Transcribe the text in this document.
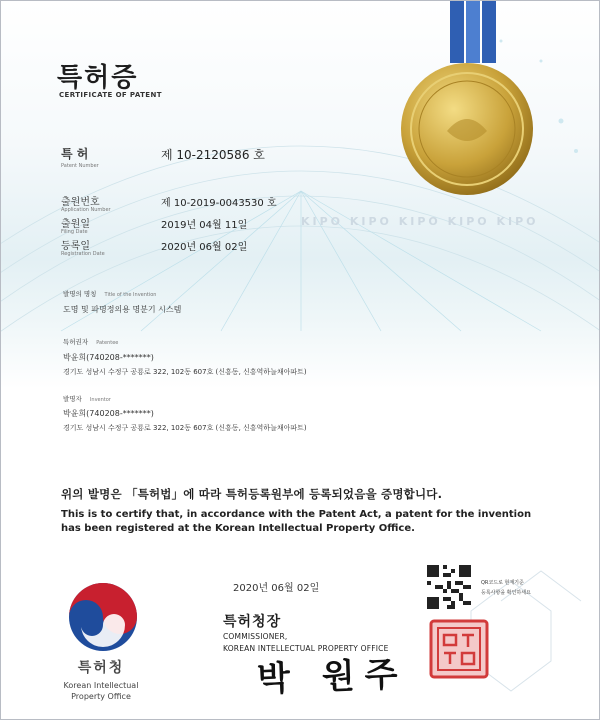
특허증
CERTIFICATE OF PATENT
특 허
Patent Number
제 10-2120586 호
출원번호
Application Number
제 10-2019-0043530 호
출원일
Filing Date
2019년 04월 11일
등록일
Registration Date
2020년 06월 02일
KIPO KIPO KIPO KIPO KIPO
발명의 명칭 Title of the Invention
도명 및 파명정의용 명분기 시스템
특허권자 Patentee
박윤희(740208-*******)
경기도 성남시 수정구 공룡로 322, 102동 607호 (신흥동, 신흥역하늘채아파트)
발명자 Inventor
박윤희(740208-*******)
경기도 성남시 수정구 공룡로 322, 102동 607호 (신흥동, 신흥역하늘채아파트)
위의 발명은 「특허법」에 따라 특허등록원부에 등록되었음을 증명합니다.
This is to certify that, in accordance with the Patent Act, a patent for the invention
has been registered at the Korean Intellectual Property Office.
2020년 06월 02일	QR코드로 현재기준
등록사항을 확인하세요
특허청장
COMMISSIONER,
KOREAN INTELLECTUAL PROPERTY OFFICE
박 원주
특허청
Korean Intellectual
Property Office
